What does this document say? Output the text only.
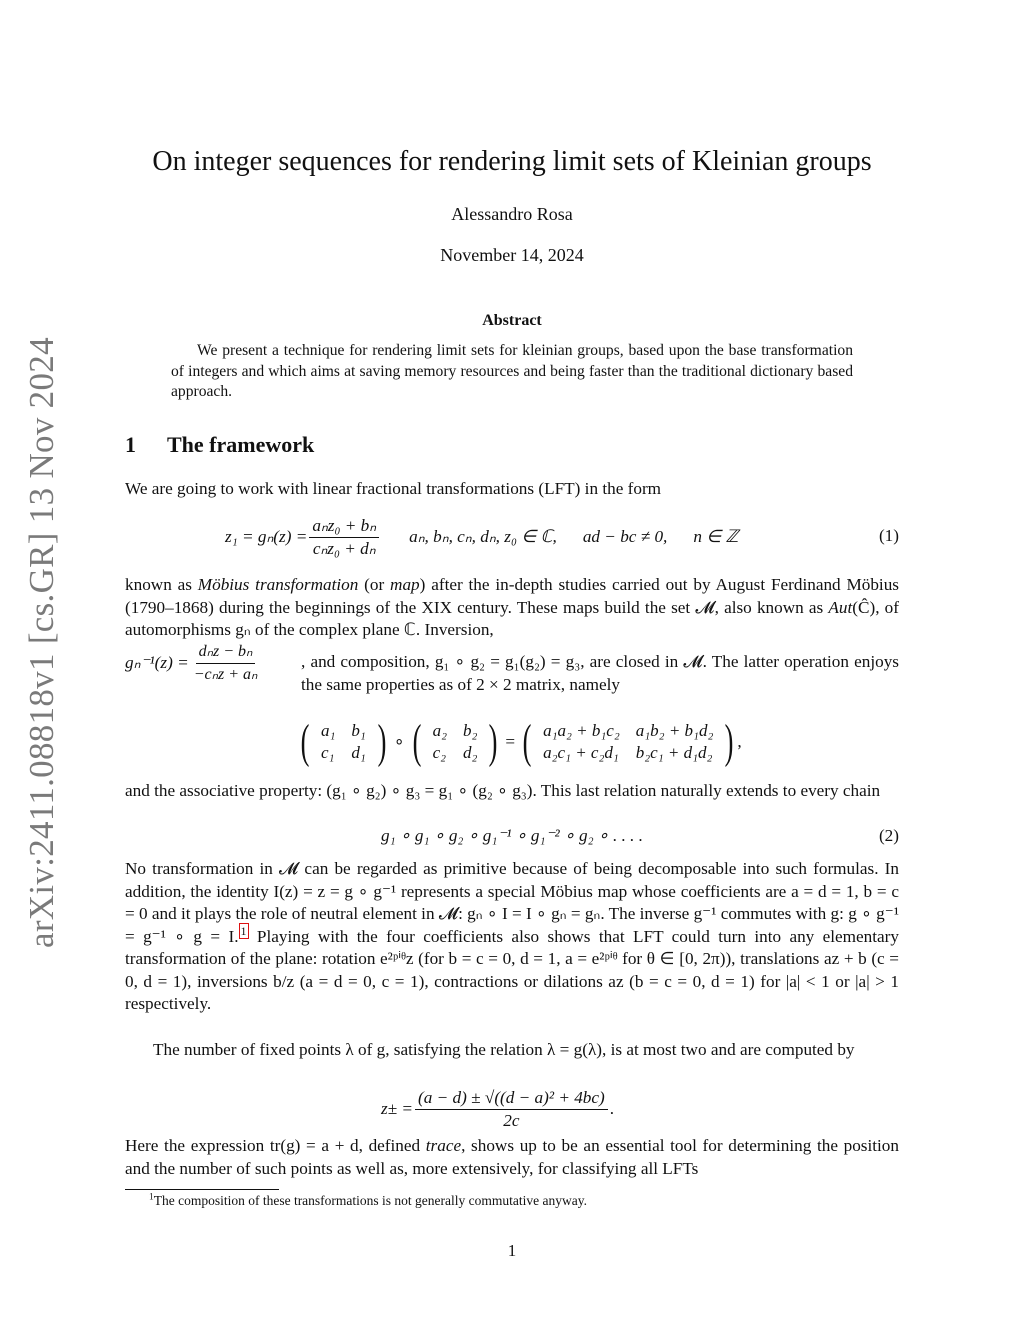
arXiv:2411.08818v1 [cs.GR] 13 Nov 2024
On integer sequences for rendering limit sets of Kleinian groups
Alessandro Rosa
November 14, 2024
Abstract
We present a technique for rendering limit sets for kleinian groups, based upon the base transformation of integers and which aims at saving memory resources and being faster than the traditional dictionary based approach.
1 The framework
We are going to work with linear fractional transformations (LFT) in the form
$z_1 = g_n(z) = \frac{\text{aₙz₀ + bₙ}}{\text{cₙz₀ + dₙ}} a_n$, bₙ, cₙ, dₙ, z₀ ∈ ℂ, ad − bc ≠ 0, n ∈ ℤ	(1)
known as Möbius transformation (or map) after the in-depth studies carried out by August Ferdinand Möbius (1790–1868) during the beginnings of the XIX century. These maps build the set 𝓜, also known as Aut(Ĉ), of automorphisms gₙ of the complex plane ℂ. Inversion,
$g_n^{-1}(z) = \frac{\text{dₙz − bₙ}}{\text{−cₙz + aₙ}}$ , and composition, g₁ ∘ g₂ = g₁(g₂) = g₃, are closed in 𝓜. The latter operation enjoys the same properties as of 2 × 2 matrix, namely
( a₁	b₁
c₁	d₁ ) ∘ ( a₂	b₂
c₂	d₂ ) = ( a₁a₂ + b₁c₂	a₁b₂ + b₁d₂
a₂c₁ + c₂d₁	b₂c₁ + d₁d₂ ) ,
and the associative property: (g₁ ∘ g₂) ∘ g₃ = g₁ ∘ (g₂ ∘ g₃). This last relation naturally extends to every chain
g₁ ∘ g₁ ∘ g₂ ∘ g₁⁻¹ ∘ g₁⁻² ∘ g₂ ∘ . . . .	(2)
No transformation in 𝓜 can be regarded as primitive because of being decomposable into such formulas. In addition, the identity I(z) = z = g ∘ g⁻¹ represents a special Möbius map whose coefficients are a = d = 1, b = c = 0 and it plays the role of neutral element in 𝓜: gₙ ∘ I = I ∘ gₙ = gₙ. The inverse g⁻¹ commutes with g: g ∘ g⁻¹ = g⁻¹ ∘ g = I. $^1$ Playing with the four coefficients also shows that LFT could turn into any elementary transformation of the plane: rotation e²ᵖⁱᶿz (for b = c = 0, d = 1, a = e²ᵖⁱᶿ for θ ∈ [0, 2π)), translations az + b (c = 0, d = 1), inversions b/z (a = d = 0, c = 1), contractions or dilations az (b = c = 0, d = 1) for |a| < 1 or |a| > 1 respectively.
The number of fixed points λ of g, satisfying the relation λ = g(λ), is at most two and are computed by
$z\pm = \frac{\text{(a − d) ± √((d − a)² + 4bc)}}{2c}$ .
Here the expression tr(g) = a + d, defined trace, shows up to be an essential tool for determining the position and the number of such points as well as, more extensively, for classifying all LFTs
$^1$The composition of these transformations is not generally commutative anyway.
1
